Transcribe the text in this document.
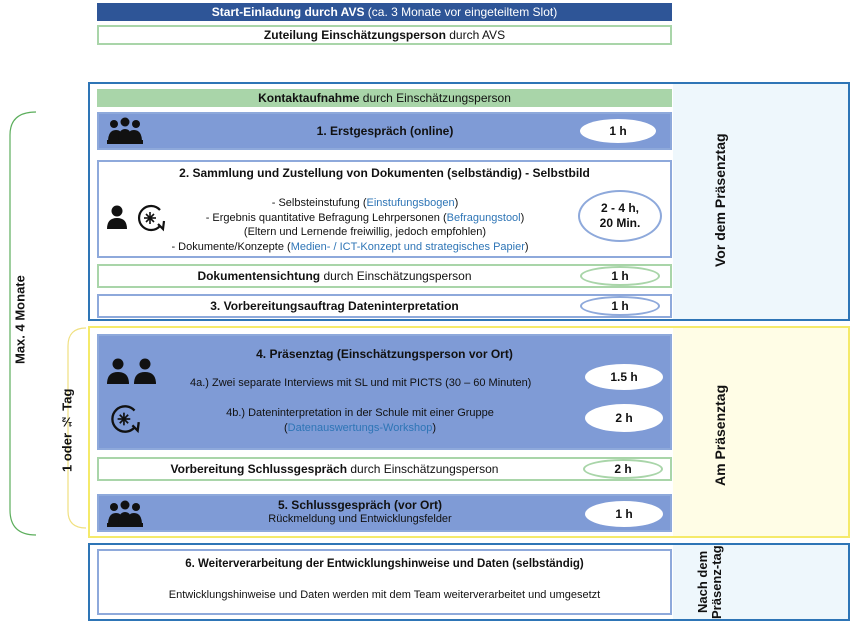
Start-Einladung durch AVS (ca. 3 Monate vor eingeteiltem Slot)
Zuteilung Einschätzungsperson durch AVS
Max. 4 Monate
1 oder ½ Tag
Vor dem Präsenztag
Kontaktaufnahme durch Einschätzungsperson
1. Erstgespräch (online)	1 h
2. Sammlung und Zustellung von Dokumenten (selbständig) - Selbstbild
- Selbsteinstufung (Einstufungsbogen)
- Ergebnis quantitative Befragung Lehrpersonen (Befragungstool)
(Eltern und Lernende freiwillig, jedoch empfohlen)
- Dokumente/Konzepte (Medien- / ICT-Konzept und strategisches Papier)
2 - 4 h,
20 Min.
Dokumentensichtung durch Einschätzungsperson	1 h
3. Vorbereitungsauftrag Dateninterpretation	1 h
Am Präsenztag
4. Präsenztag (Einschätzungsperson vor Ort)
4a.) Zwei separate Interviews mit SL und mit PICTS (30 – 60 Minuten)	1.5 h
4b.) Dateninterpretation in der Schule mit einer Gruppe
(Datenauswertungs-Workshop)
2 h
Vorbereitung Schlussgespräch durch Einschätzungsperson	2 h
5. Schlussgespräch (vor Ort)
Rückmeldung und Entwicklungsfelder	1 h
Nach dem Präsenz-tag
6. Weiterverarbeitung der Entwicklungshinweise und Daten (selbständig)
Entwicklungshinweise und Daten werden mit dem Team weiterverarbeitet und umgesetzt
